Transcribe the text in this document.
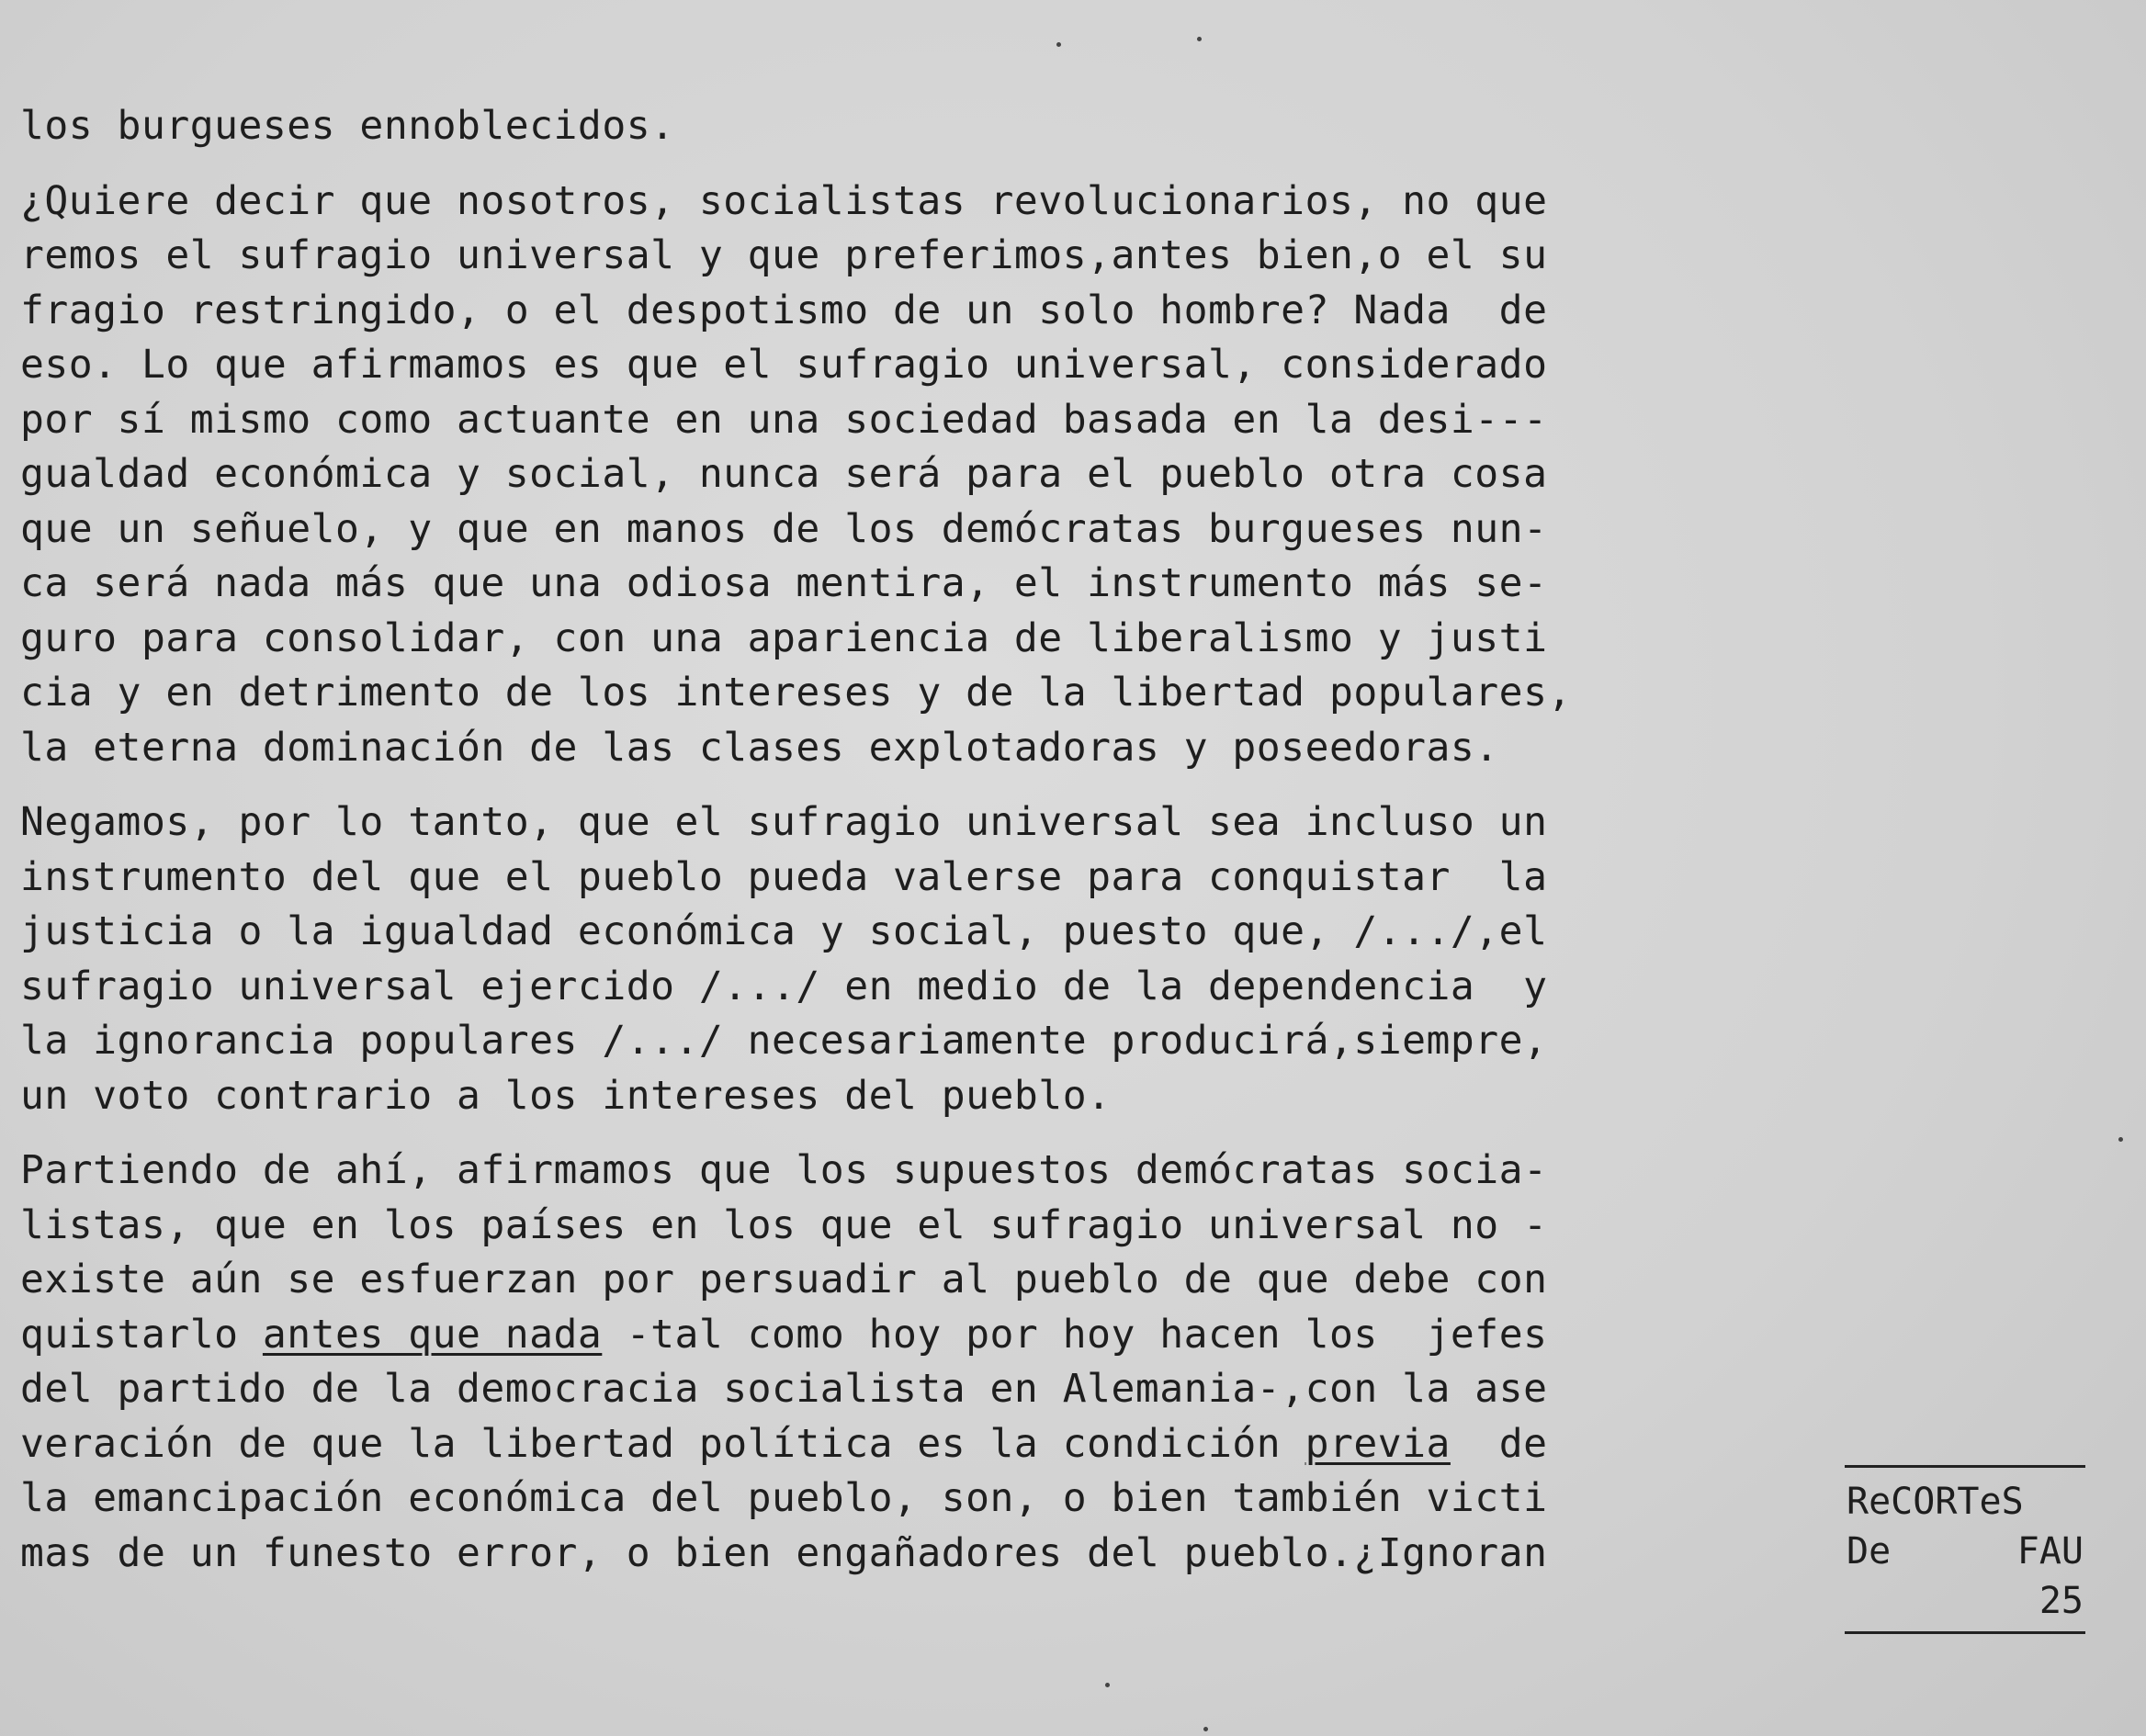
los burgueses ennoblecidos.
¿Quiere decir que nosotros, socialistas revolucionarios, no que
remos el sufragio universal y que preferimos,antes bien,o el su
fragio restringido, o el despotismo de un solo hombre? Nada  de
eso. Lo que afirmamos es que el sufragio universal, considerado
por sí mismo como actuante en una sociedad basada en la desi---
gualdad económica y social, nunca será para el pueblo otra cosa
que un señuelo, y que en manos de los demócratas burgueses nun-
ca será nada más que una odiosa mentira, el instrumento más se-
guro para consolidar, con una apariencia de liberalismo y justi
cia y en detrimento de los intereses y de la libertad populares,
la eterna dominación de las clases explotadoras y poseedoras.
Negamos, por lo tanto, que el sufragio universal sea incluso un
instrumento del que el pueblo pueda valerse para conquistar  la
justicia o la igualdad económica y social, puesto que, /.../,el
sufragio universal ejercido /.../ en medio de la dependencia  y
la ignorancia populares /.../ necesariamente producirá,siempre,
un voto contrario a los intereses del pueblo.
Partiendo de ahí, afirmamos que los supuestos demócratas socia-
listas, que en los países en los que el sufragio universal no -
existe aún se esfuerzan por persuadir al pueblo de que debe con
quistarlo antes que nada -tal como hoy por hoy hacen los  jefes
del partido de la democracia socialista en Alemania-,con la ase
veración de que la libertad política es la condición previa  de
la emancipación económica del pueblo, son, o bien también victi
mas de un funesto error, o bien engañadores del pueblo.¿Ignoran
ReCORTeS
De	FAU
25
